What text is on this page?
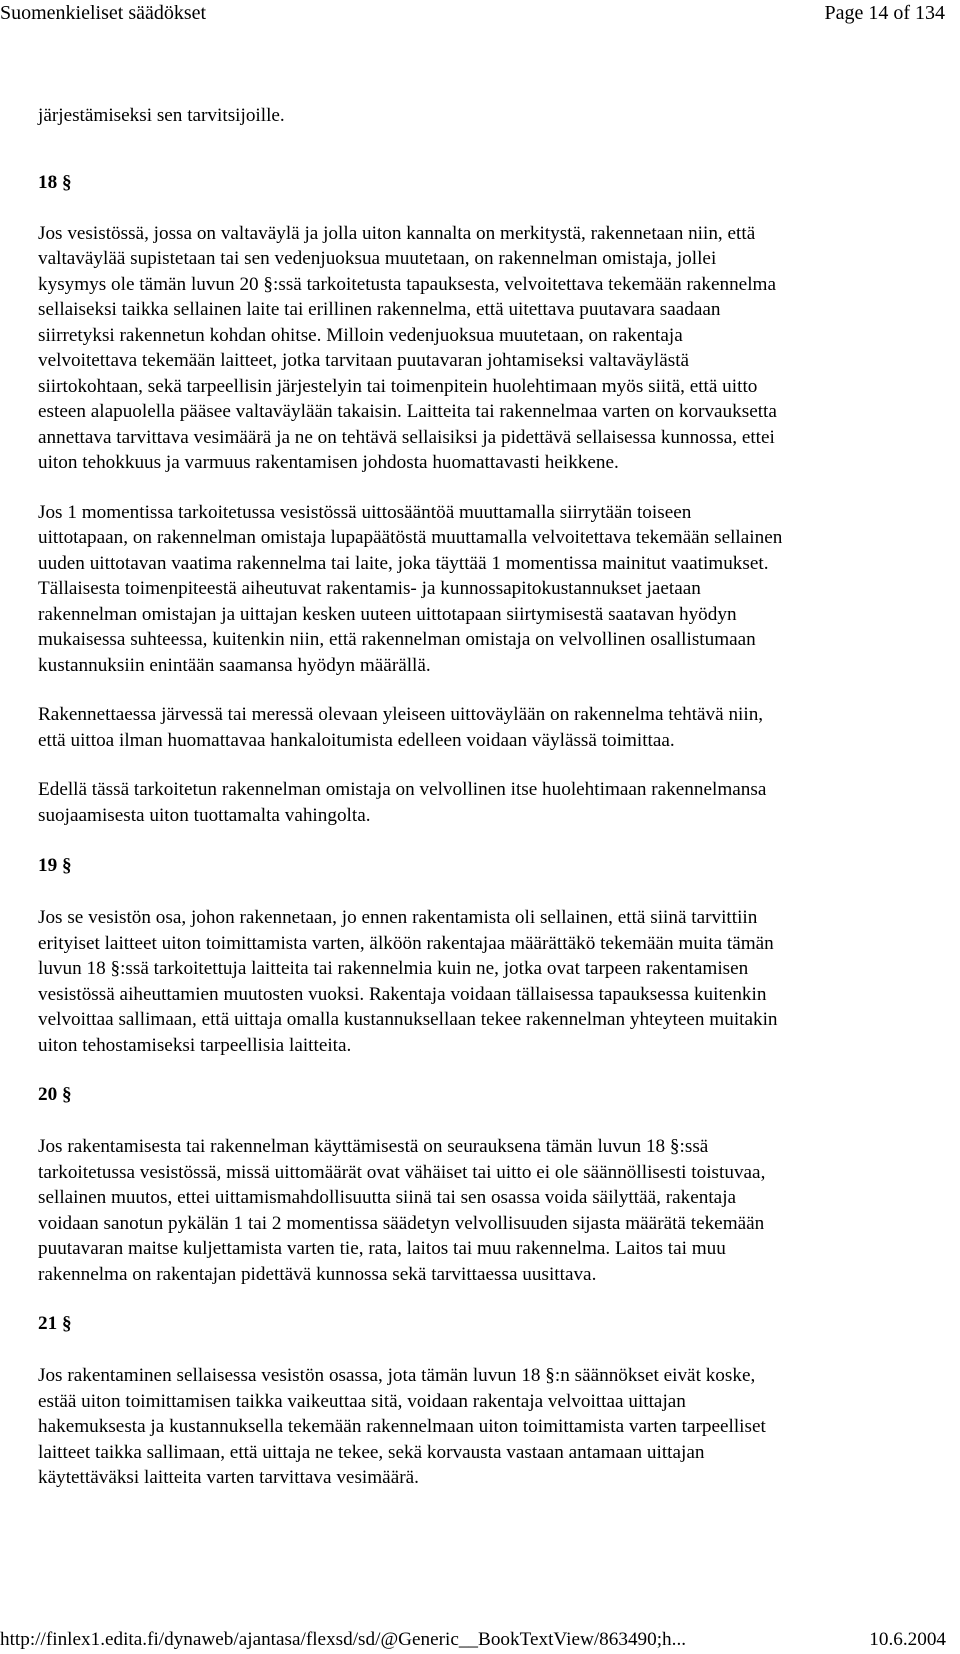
Suomenkieliset säädökset	Page 14 of 134

järjestämiseksi sen tarvitsijoille.

18 §

Jos vesistössä, jossa on valtaväylä ja jolla uiton kannalta on merkitystä, rakennetaan niin, että
valtaväylää supistetaan tai sen vedenjuoksua muutetaan, on rakennelman omistaja, jollei
kysymys ole tämän luvun 20 §:ssä tarkoitetusta tapauksesta, velvoitettava tekemään rakennelma
sellaiseksi taikka sellainen laite tai erillinen rakennelma, että uitettava puutavara saadaan
siirretyksi rakennetun kohdan ohitse. Milloin vedenjuoksua muutetaan, on rakentaja
velvoitettava tekemään laitteet, jotka tarvitaan puutavaran johtamiseksi valtaväylästä
siirtokohtaan, sekä tarpeellisin järjestelyin tai toimenpitein huolehtimaan myös siitä, että uitto
esteen alapuolella pääsee valtaväylään takaisin. Laitteita tai rakennelmaa varten on korvauksetta
annettava tarvittava vesimäärä ja ne on tehtävä sellaisiksi ja pidettävä sellaisessa kunnossa, ettei
uiton tehokkuus ja varmuus rakentamisen johdosta huomattavasti heikkene.

Jos 1 momentissa tarkoitetussa vesistössä uittosääntöä muuttamalla siirrytään toiseen
uittotapaan, on rakennelman omistaja lupapäätöstä muuttamalla velvoitettava tekemään sellainen
uuden uittotavan vaatima rakennelma tai laite, joka täyttää 1 momentissa mainitut vaatimukset.
Tällaisesta toimenpiteestä aiheutuvat rakentamis- ja kunnossapitokustannukset jaetaan
rakennelman omistajan ja uittajan kesken uuteen uittotapaan siirtymisestä saatavan hyödyn
mukaisessa suhteessa, kuitenkin niin, että rakennelman omistaja on velvollinen osallistumaan
kustannuksiin enintään saamansa hyödyn määrällä.

Rakennettaessa järvessä tai meressä olevaan yleiseen uittoväylään on rakennelma tehtävä niin,
että uittoa ilman huomattavaa hankaloitumista edelleen voidaan väylässä toimittaa.

Edellä tässä tarkoitetun rakennelman omistaja on velvollinen itse huolehtimaan rakennelmansa
suojaamisesta uiton tuottamalta vahingolta.

19 §

Jos se vesistön osa, johon rakennetaan, jo ennen rakentamista oli sellainen, että siinä tarvittiin
erityiset laitteet uiton toimittamista varten, älköön rakentajaa määrättäkö tekemään muita tämän
luvun 18 §:ssä tarkoitettuja laitteita tai rakennelmia kuin ne, jotka ovat tarpeen rakentamisen
vesistössä aiheuttamien muutosten vuoksi. Rakentaja voidaan tällaisessa tapauksessa kuitenkin
velvoittaa sallimaan, että uittaja omalla kustannuksellaan tekee rakennelman yhteyteen muitakin
uiton tehostamiseksi tarpeellisia laitteita.

20 §

Jos rakentamisesta tai rakennelman käyttämisestä on seurauksena tämän luvun 18 §:ssä
tarkoitetussa vesistössä, missä uittomäärät ovat vähäiset tai uitto ei ole säännöllisesti toistuvaa,
sellainen muutos, ettei uittamismahdollisuutta siinä tai sen osassa voida säilyttää, rakentaja
voidaan sanotun pykälän 1 tai 2 momentissa säädetyn velvollisuuden sijasta määrätä tekemään
puutavaran maitse kuljettamista varten tie, rata, laitos tai muu rakennelma. Laitos tai muu
rakennelma on rakentajan pidettävä kunnossa sekä tarvittaessa uusittava.

21 §

Jos rakentaminen sellaisessa vesistön osassa, jota tämän luvun 18 §:n säännökset eivät koske,
estää uiton toimittamisen taikka vaikeuttaa sitä, voidaan rakentaja velvoittaa uittajan
hakemuksesta ja kustannuksella tekemään rakennelmaan uiton toimittamista varten tarpeelliset
laitteet taikka sallimaan, että uittaja ne tekee, sekä korvausta vastaan antamaan uittajan
käytettäväksi laitteita varten tarvittava vesimäärä.

http://finlex1.edita.fi/dynaweb/ajantasa/flexsd/sd/@Generic__BookTextView/863490;h...	10.6.2004
